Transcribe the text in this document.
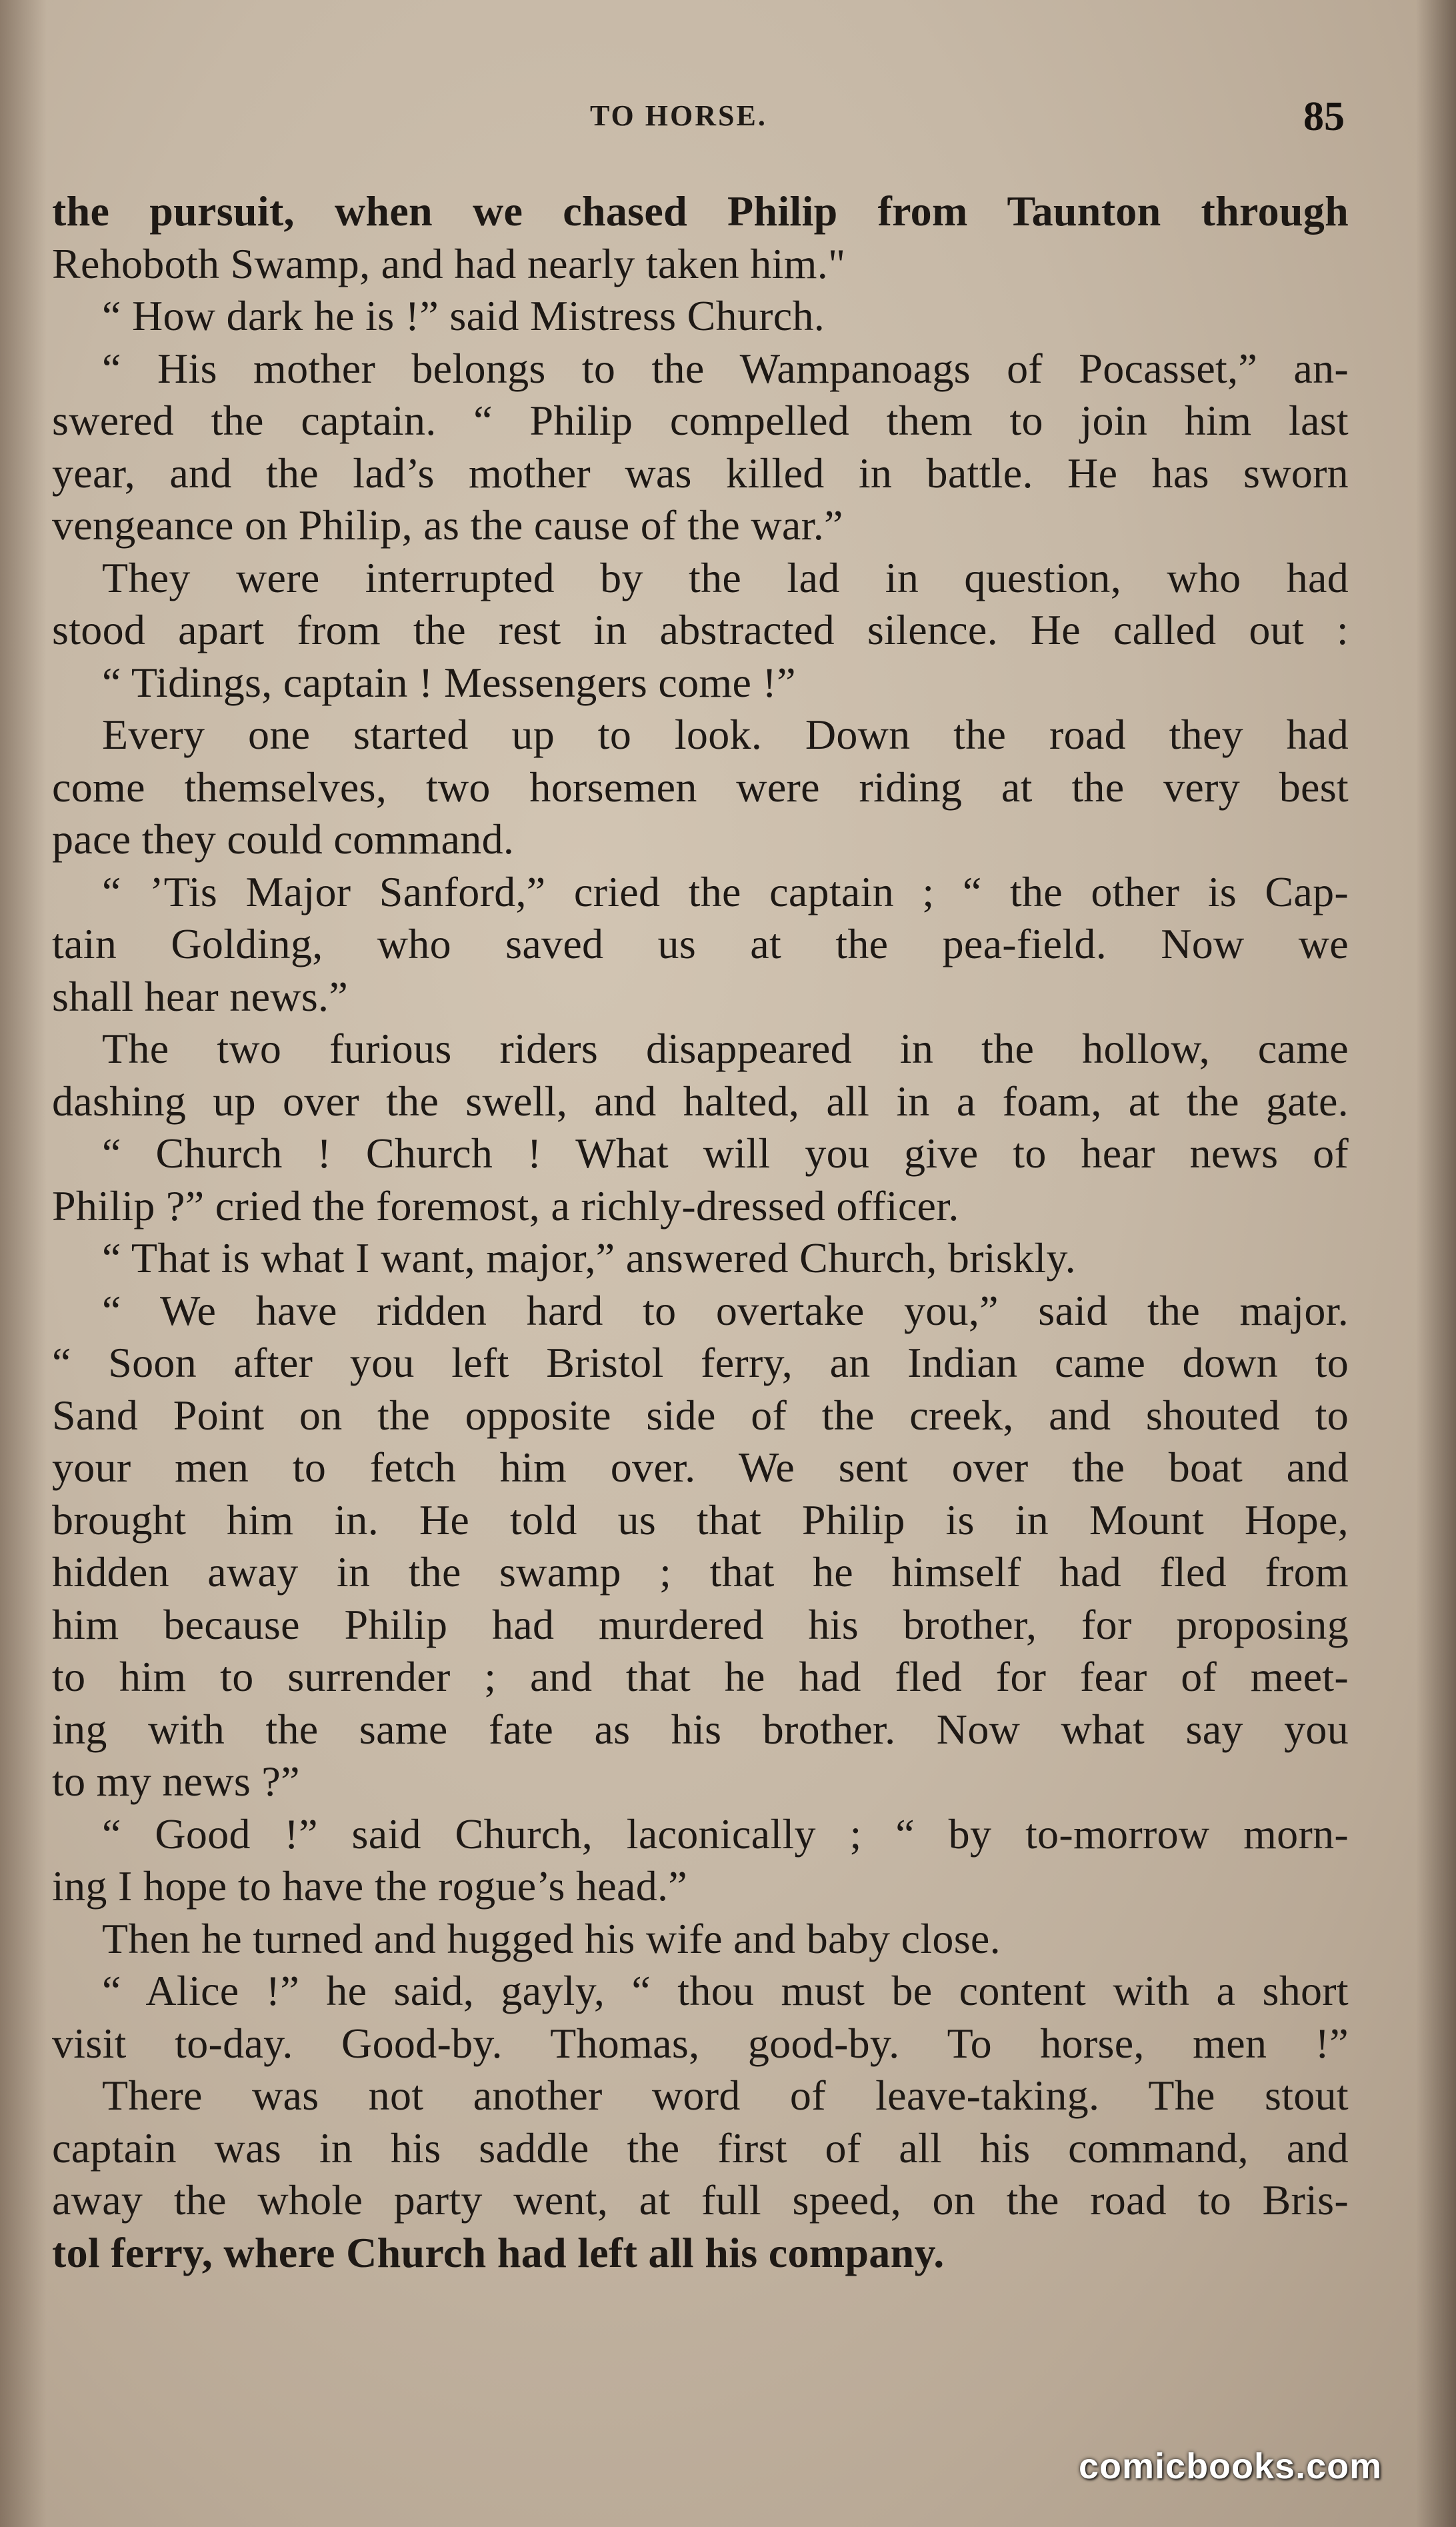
TO HORSE.	85
the pursuit, when we chased Philip from Taunton through
Rehoboth Swamp, and had nearly taken him."
“ How dark he is !” said Mistress Church.
“ His mother belongs to the Wampanoags of Pocasset,” an-
swered the captain. “ Philip compelled them to join him last
year, and the lad’s mother was killed in battle. He has sworn
vengeance on Philip, as the cause of the war.”
They were interrupted by the lad in question, who had
stood apart from the rest in abstracted silence. He called out :
“ Tidings, captain ! Messengers come !”
Every one started up to look. Down the road they had
come themselves, two horsemen were riding at the very best
pace they could command.
“ ’Tis Major Sanford,” cried the captain ; “ the other is Cap-
tain Golding, who saved us at the pea-field. Now we
shall hear news.”
The two furious riders disappeared in the hollow, came
dashing up over the swell, and halted, all in a foam, at the gate.
“ Church ! Church ! What will you give to hear news of
Philip ?” cried the foremost, a richly-dressed officer.
“ That is what I want, major,” answered Church, briskly.
“ We have ridden hard to overtake you,” said the major.
“ Soon after you left Bristol ferry, an Indian came down to
Sand Point on the opposite side of the creek, and shouted to
your men to fetch him over. We sent over the boat and
brought him in. He told us that Philip is in Mount Hope,
hidden away in the swamp ; that he himself had fled from
him because Philip had murdered his brother, for proposing
to him to surrender ; and that he had fled for fear of meet-
ing with the same fate as his brother. Now what say you
to my news ?”
“ Good !” said Church, laconically ; “ by to-morrow morn-
ing I hope to have the rogue’s head.”
Then he turned and hugged his wife and baby close.
“ Alice !” he said, gayly, “ thou must be content with a short
visit to-day. Good-by. Thomas, good-by. To horse, men !”
There was not another word of leave-taking. The stout
captain was in his saddle the first of all his command, and
away the whole party went, at full speed, on the road to Bris-
tol ferry, where Church had left all his company.
comicbooks.com
